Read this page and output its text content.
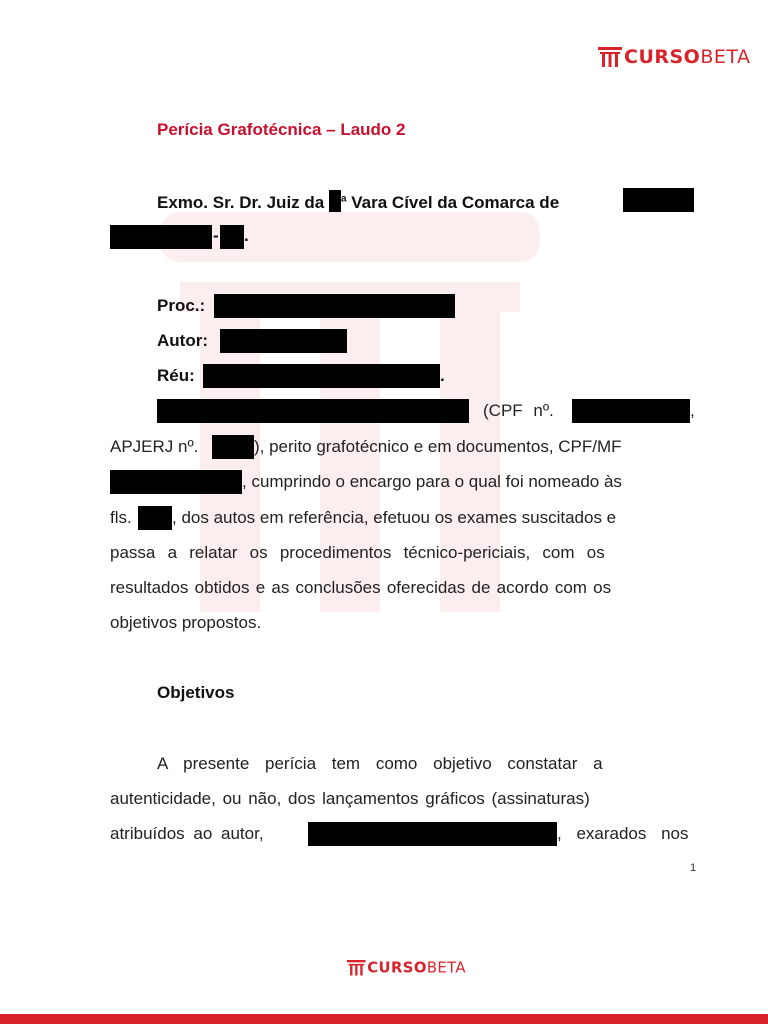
CURSO BETA
Perícia Grafotécnica – Laudo 2
Exmo. Sr. Dr. Juiz da $^a$ Vara Cível da Comarca de
- .
Proc.:
Autor:
Réu:	.
(CPF nº.	,
APJERJ nº.	), perito grafotécnico e em documentos, CPF/MF
, cumprindo o encargo para o qual foi nomeado às
fls. , dos autos em referência, efetuou os exames suscitados e
passa a relatar os procedimentos técnico-periciais, com os
resultados obtidos e as conclusões oferecidas de acordo com os
objetivos propostos.
Objetivos
A presente perícia tem como objetivo constatar a
autenticidade, ou não, dos lançamentos gráficos (assinaturas)
atribuídos ao autor,	, exarados nos
1
CURSO BETA
